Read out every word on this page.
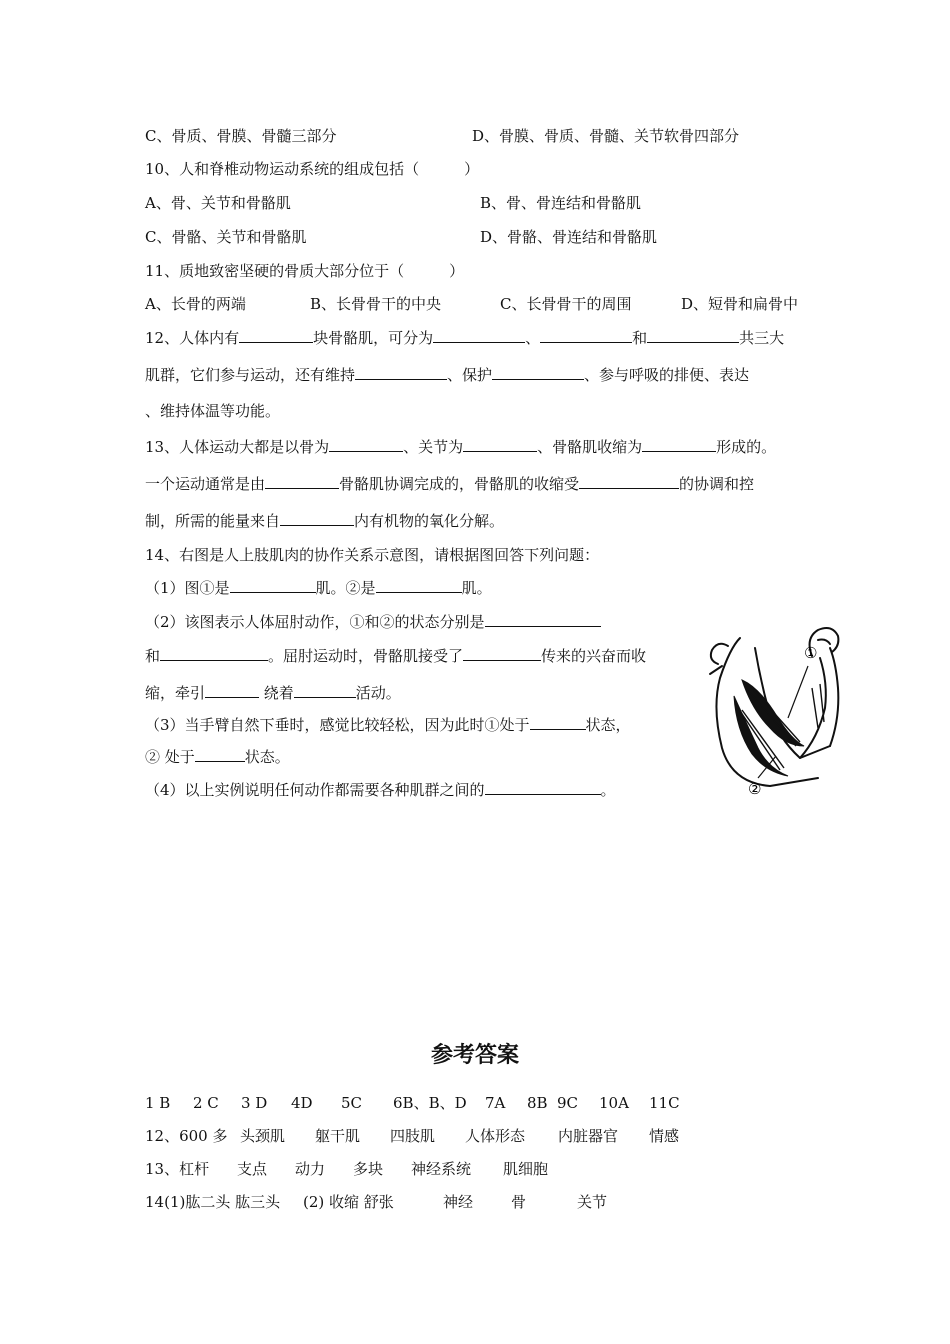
C、骨质、骨膜、骨髓三部分	D、骨膜、骨质、骨髓、关节软骨四部分
10、人和脊椎动物运动系统的组成包括（　　　）
A、骨、关节和骨骼肌	B、骨、骨连结和骨骼肌
C、骨骼、关节和骨骼肌	D、骨骼、骨连结和骨骼肌
11、质地致密坚硬的骨质大部分位于（　　　）
A、长骨的两端	B、长骨骨干的中央	C、长骨骨干的周围	D、短骨和扁骨中
12、人体内有	块骨骼肌，可分为	、	和	共三大
肌群，它们参与运动，还有维持	、保护	、参与呼吸的排便、表达
、维持体温等功能。
13、人体运动大都是以骨为	、关节为	、骨骼肌收缩为	形成的。
一个运动通常是由	骨骼肌协调完成的，骨骼肌的收缩受	的协调和控
制，所需的能量来自	内有机物的氧化分解。
14、右图是人上肢肌肉的协作关系示意图，请根据图回答下列问题：
（1）图①是	肌。②是	肌。
（2）该图表示人体屈肘动作，①和②的状态分别是
和	。屈肘运动时，骨骼肌接受了	传来的兴奋而收
缩，牵引	绕着	活动。
（3）当手臂自然下垂时，感觉比较轻松，因为此时①处于	状态，
② 处于	状态。
（4）以上实例说明任何动作都需要各种肌群之间的	。
①
②
参考答案
1 B 2 C 3 D 4D 5C 6B、B、D 7A 8B 9C 10A 11C
12、600 多 头颈肌 躯干肌 四肢肌 人体形态 内脏器官 情感
13、杠杆 支点 动力 多块 神经系统 肌细胞
14(1)肱二头 肱三头 (2) 收缩 舒张	神经	骨	关节
